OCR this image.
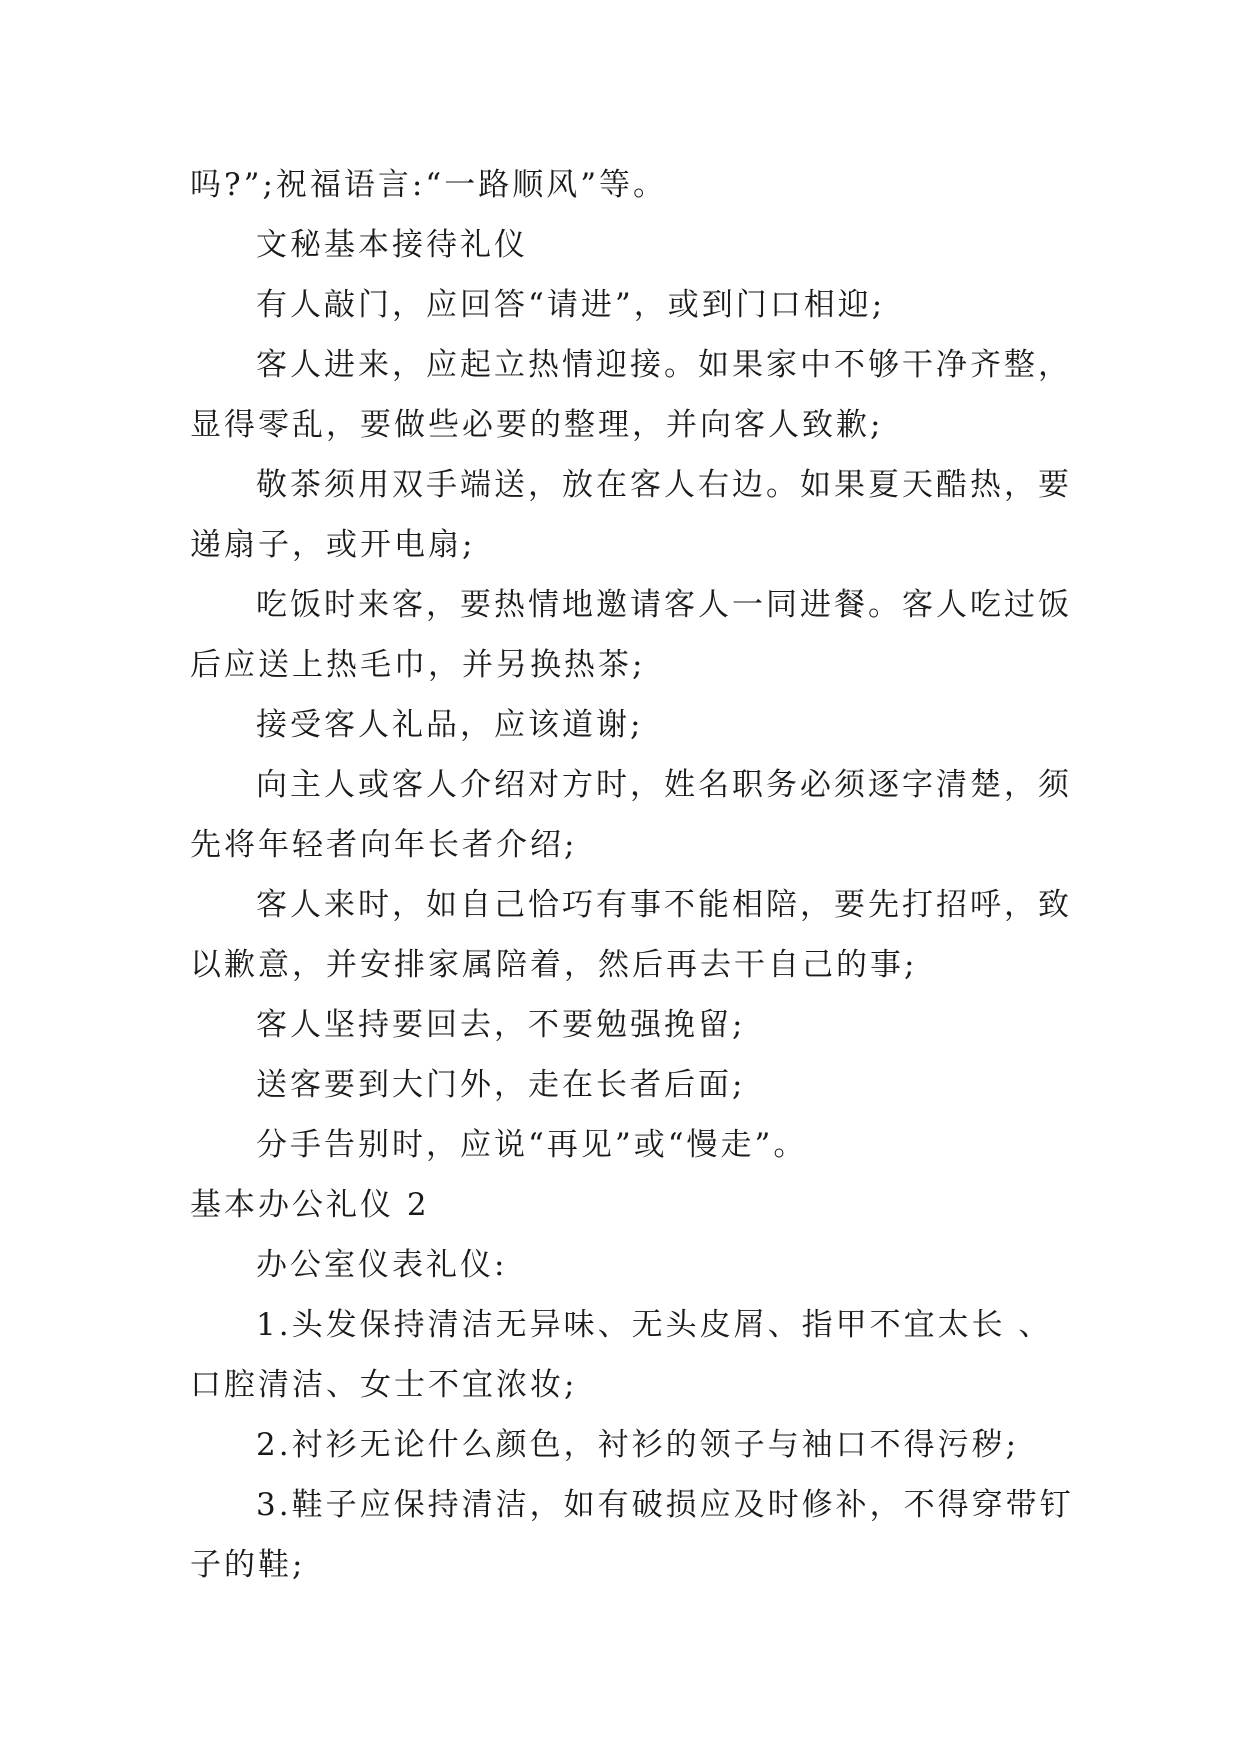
吗?”;祝福语言:“一路顺风”等。
文秘基本接待礼仪
有人敲门，应回答“请进”，或到门口相迎;
客人进来，应起立热情迎接。如果家中不够干净齐整，
显得零乱，要做些必要的整理，并向客人致歉;
敬茶须用双手端送，放在客人右边。如果夏天酷热，要
递扇子，或开电扇;
吃饭时来客，要热情地邀请客人一同进餐。客人吃过饭
后应送上热毛巾，并另换热茶;
接受客人礼品，应该道谢;
向主人或客人介绍对方时，姓名职务必须逐字清楚，须
先将年轻者向年长者介绍;
客人来时，如自己恰巧有事不能相陪，要先打招呼，致
以歉意，并安排家属陪着，然后再去干自己的事;
客人坚持要回去，不要勉强挽留;
送客要到大门外，走在长者后面;
分手告别时，应说“再见”或“慢走”。
基本办公礼仪 2
办公室仪表礼仪:
1.头发保持清洁无异味、无头皮屑、指甲不宜太长 、
口腔清洁、女士不宜浓妆;
2.衬衫无论什么颜色，衬衫的领子与袖口不得污秽;
3.鞋子应保持清洁，如有破损应及时修补，不得穿带钉
子的鞋;
